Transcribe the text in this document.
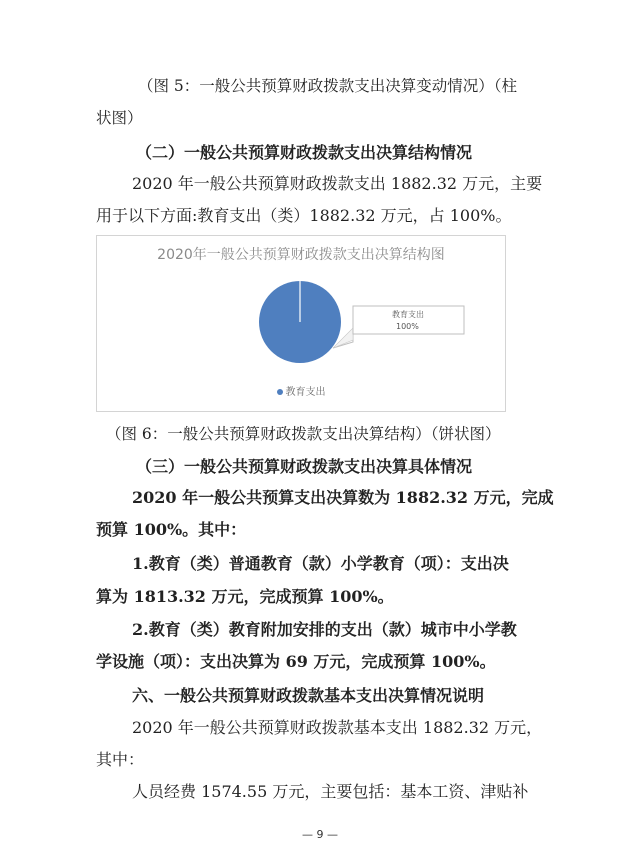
（图 5：一般公共预算财政拨款支出决算变动情况）（柱
状图）
（二）一般公共预算财政拨款支出决算结构情况
2020 年一般公共预算财政拨款支出 1882.32 万元，主要
用于以下方面:教育支出（类）1882.32 万元，占 100%。
2020年一般公共预算财政拨款支出决算结构图
教育支出
100%
教育支出
（图 6：一般公共预算财政拨款支出决算结构）（饼状图）
（三）一般公共预算财政拨款支出决算具体情况
2020 年一般公共预算支出决算数为 1882.32 万元，完成
预算 100%。其中：
1.教育（类）普通教育（款）小学教育（项）：支出决
算为 1813.32 万元，完成预算 100%。
2.教育（类）教育附加安排的支出（款）城市中小学教
学设施（项）：支出决算为 69 万元，完成预算 100%。
六、一般公共预算财政拨款基本支出决算情况说明
2020 年一般公共预算财政拨款基本支出 1882.32 万元，
其中：
人员经费 1574.55 万元，主要包括：基本工资、津贴补
— 9 —
